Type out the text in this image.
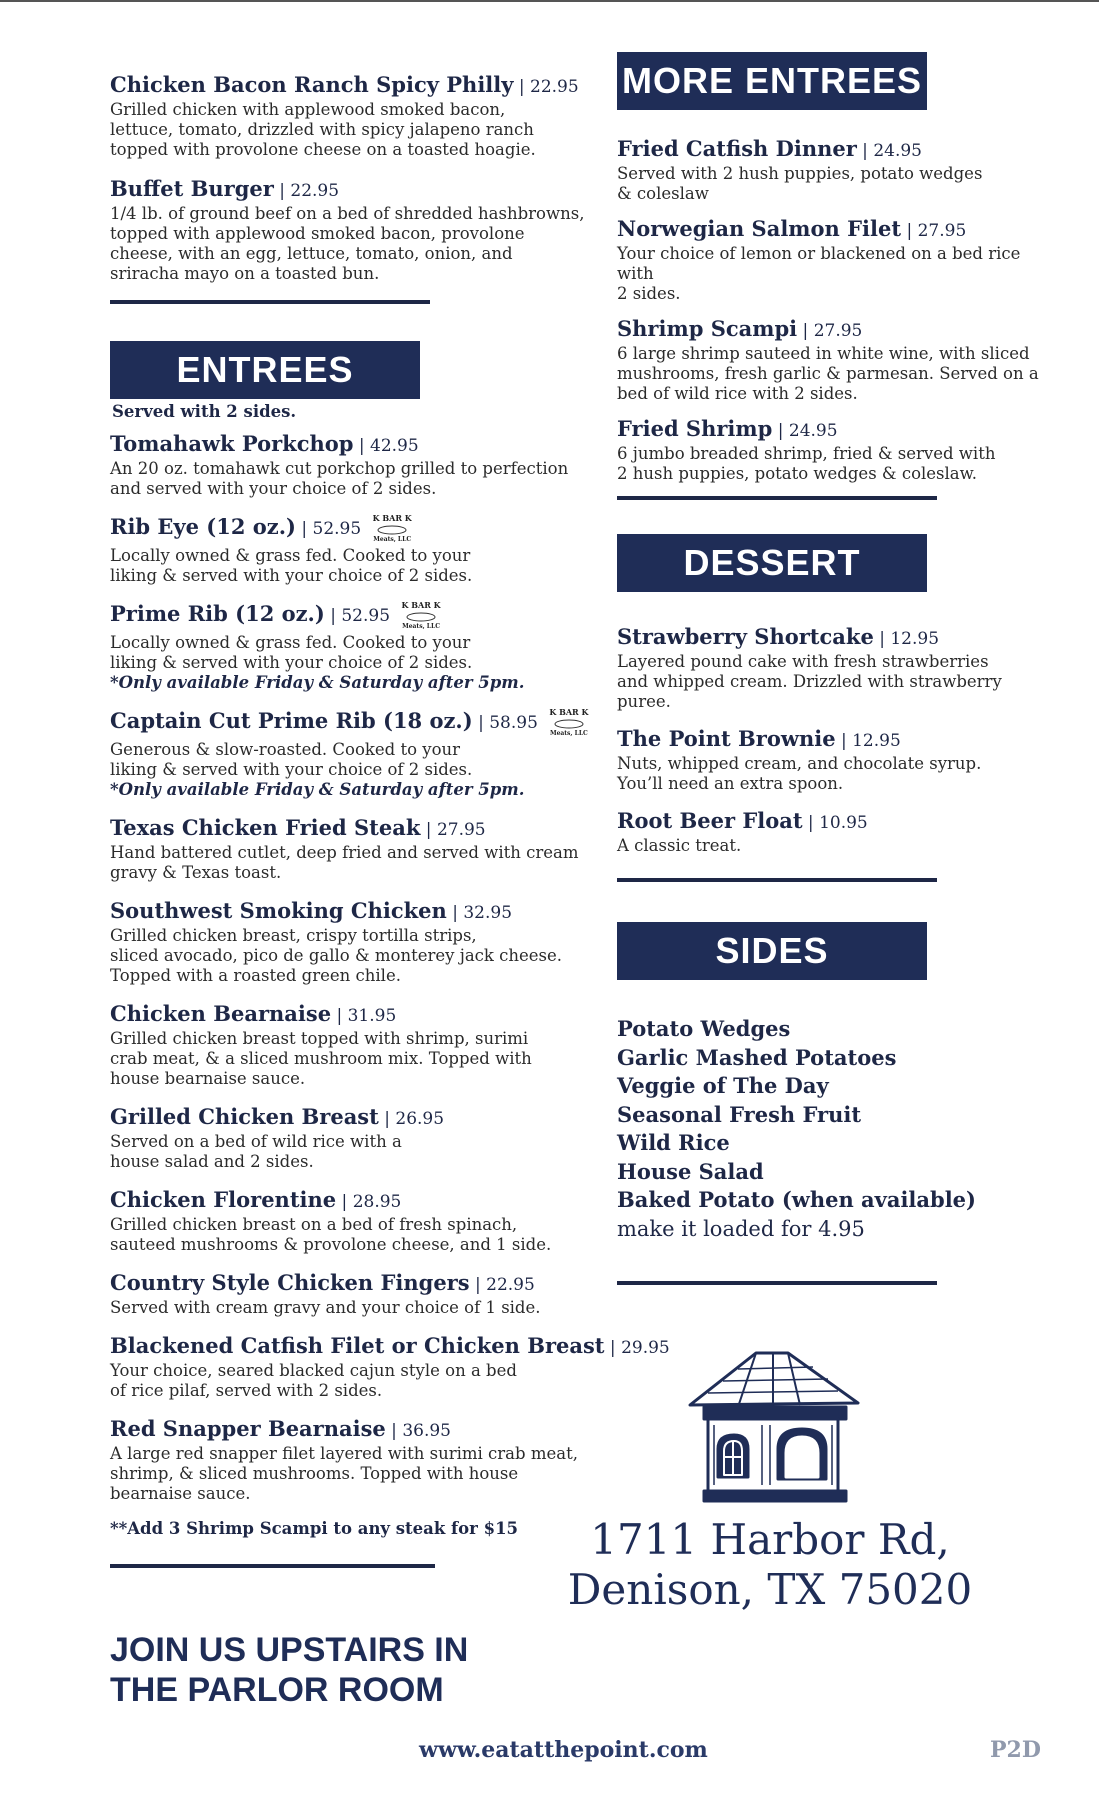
Chicken Bacon Ranch Spicy Philly | 22.95
Grilled chicken with applewood smoked bacon,
lettuce, tomato, drizzled with spicy jalapeno ranch
topped with provolone cheese on a toasted hoagie.
Buffet Burger | 22.95
1/4 lb. of ground beef on a bed of shredded hashbrowns,
topped with applewood smoked bacon, provolone
cheese, with an egg, lettuce, tomato, onion, and
sriracha mayo on a toasted bun.
ENTREES
Served with 2 sides.
Tomahawk Porkchop | 42.95
An 20 oz. tomahawk cut porkchop grilled to perfection
and served with your choice of 2 sides.
Rib Eye (12 oz.) | 52.95
K BAR K
Meats, LLC
Locally owned & grass fed. Cooked to your
liking & served with your choice of 2 sides.
Prime Rib (12 oz.) | 52.95
K BAR K
Meats, LLC
Locally owned & grass fed. Cooked to your
liking & served with your choice of 2 sides.
*Only available Friday & Saturday after 5pm.
Captain Cut Prime Rib (18 oz.) | 58.95
K BAR K
Meats, LLC
Generous & slow-roasted. Cooked to your
liking & served with your choice of 2 sides.
*Only available Friday & Saturday after 5pm.
Texas Chicken Fried Steak | 27.95
Hand battered cutlet, deep fried and served with cream
gravy & Texas toast.
Southwest Smoking Chicken | 32.95
Grilled chicken breast, crispy tortilla strips,
sliced avocado, pico de gallo & monterey jack cheese.
Topped with a roasted green chile.
Chicken Bearnaise | 31.95
Grilled chicken breast topped with shrimp, surimi
crab meat, & a sliced mushroom mix. Topped with
house bearnaise sauce.
Grilled Chicken Breast | 26.95
Served on a bed of wild rice with a
house salad and 2 sides.
Chicken Florentine | 28.95
Grilled chicken breast on a bed of fresh spinach,
sauteed mushrooms & provolone cheese, and 1 side.
Country Style Chicken Fingers | 22.95
Served with cream gravy and your choice of 1 side.
Blackened Catfish Filet or Chicken Breast | 29.95
Your choice, seared blacked cajun style on a bed
of rice pilaf, served with 2 sides.
Red Snapper Bearnaise | 36.95
A large red snapper filet layered with surimi crab meat,
shrimp, & sliced mushrooms. Topped with house
bearnaise sauce.
**Add 3 Shrimp Scampi to any steak for $15
JOIN US UPSTAIRS IN
THE PARLOR ROOM
MORE ENTREES
Fried Catfish Dinner | 24.95
Served with 2 hush puppies, potato wedges
& coleslaw
Norwegian Salmon Filet | 27.95
Your choice of lemon or blackened on a bed rice with
2 sides.
Shrimp Scampi | 27.95
6 large shrimp sauteed in white wine, with sliced
mushrooms, fresh garlic & parmesan. Served on a
bed of wild rice with 2 sides.
Fried Shrimp | 24.95
6 jumbo breaded shrimp, fried & served with
2 hush puppies, potato wedges & coleslaw.
DESSERT
Strawberry Shortcake | 12.95
Layered pound cake with fresh strawberries
and whipped cream. Drizzled with strawberry
puree.
The Point Brownie | 12.95
Nuts, whipped cream, and chocolate syrup.
You’ll need an extra spoon.
Root Beer Float | 10.95
A classic treat.
SIDES
Potato Wedges
Garlic Mashed Potatoes
Veggie of The Day
Seasonal Fresh Fruit
Wild Rice
House Salad
Baked Potato (when available)
make it loaded for 4.95
1711 Harbor Rd,
Denison, TX 75020
www.eatatthepoint.com	P2D
